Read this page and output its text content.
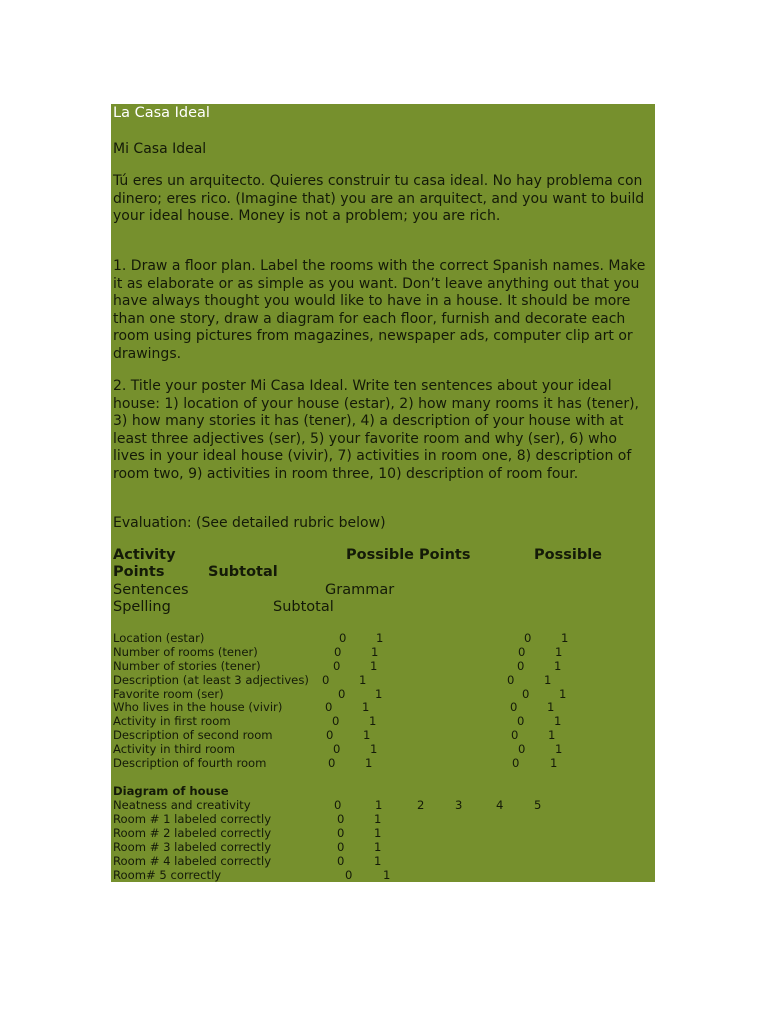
La Casa Ideal

Mi Casa Ideal

Tú eres un arquitecto. Quieres construir tu casa ideal. No hay problema con dinero; eres rico. (Imagine that) you are an arquitect, and you want to build your ideal house. Money is not a problem; you are rich.

1. Draw a floor plan. Label the rooms with the correct Spanish names. Make it as elaborate or as simple as you want. Don’t leave anything out that you have always thought you would like to have in a house. It should be more than one story, draw a diagram for each floor, furnish and decorate each room using pictures from magazines, newspaper ads, computer clip art or drawings.

2. Title your poster Mi Casa Ideal. Write ten sentences about your ideal house: 1) location of your house (estar), 2) how many rooms it has (tener), 3) how many stories it has (tener), 4) a description of your house with at least three adjectives (ser), 5) your favorite room and why (ser), 6) who lives in your ideal house (vivir), 7) activities in room one, 8) description of room two, 9) activities in room three, 10) description of room four.

Evaluation: (See detailed rubric below)

Activity	Possible Points	Possible

Points	Subtotal

Sentences	Grammar

Spelling	Subtotal

Location (estar)	0	1	0	1

Number of rooms (tener)	0	1	0	1

Number of stories (tener)	0	1	0	1

Description (at least 3 adjectives) 0	1	0	1

Favorite room (ser)	0	1	0	1

Who lives in the house (vivir)	0	1	0	1

Activity in first room	0	1	0	1

Description of second room	0	1	0	1

Activity in third room	0	1	0	1

Description of fourth room	0	1	0	1

Diagram of house

Neatness and creativity	0	1	2	3	4	5

Room # 1 labeled correctly	0	1

Room # 2 labeled correctly	0	1

Room # 3 labeled correctly	0	1

Room # 4 labeled correctly	0	1

Room# 5 correctly	0	1
